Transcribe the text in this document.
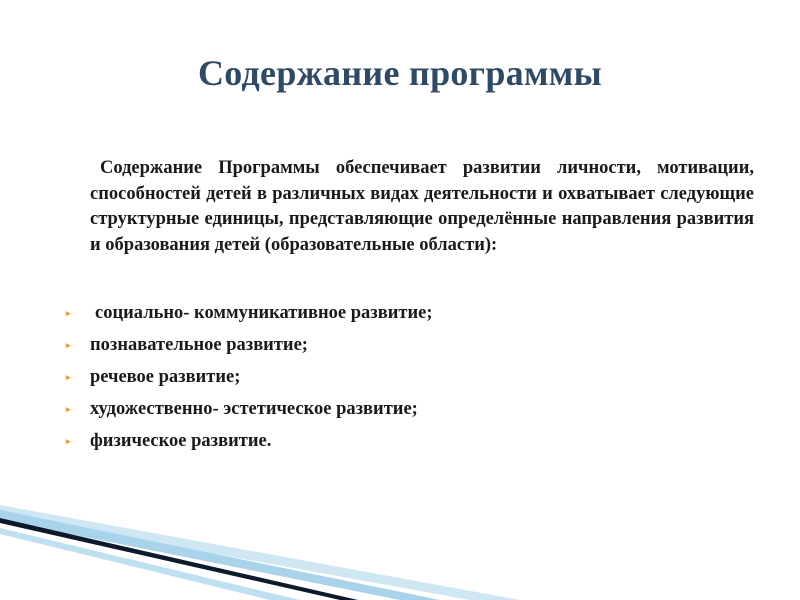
Содержание программы
Содержание Программы обеспечивает развитии личности, мотивации, способностей детей в различных видах деятельности и охватывает следующие структурные единицы, представляющие определённые направления развития и образования детей (образовательные области):
▸ социально- коммуникативное развитие;
▸ познавательное развитие;
▸ речевое развитие;
▸ художественно- эстетическое развитие;
▸ физическое развитие.
